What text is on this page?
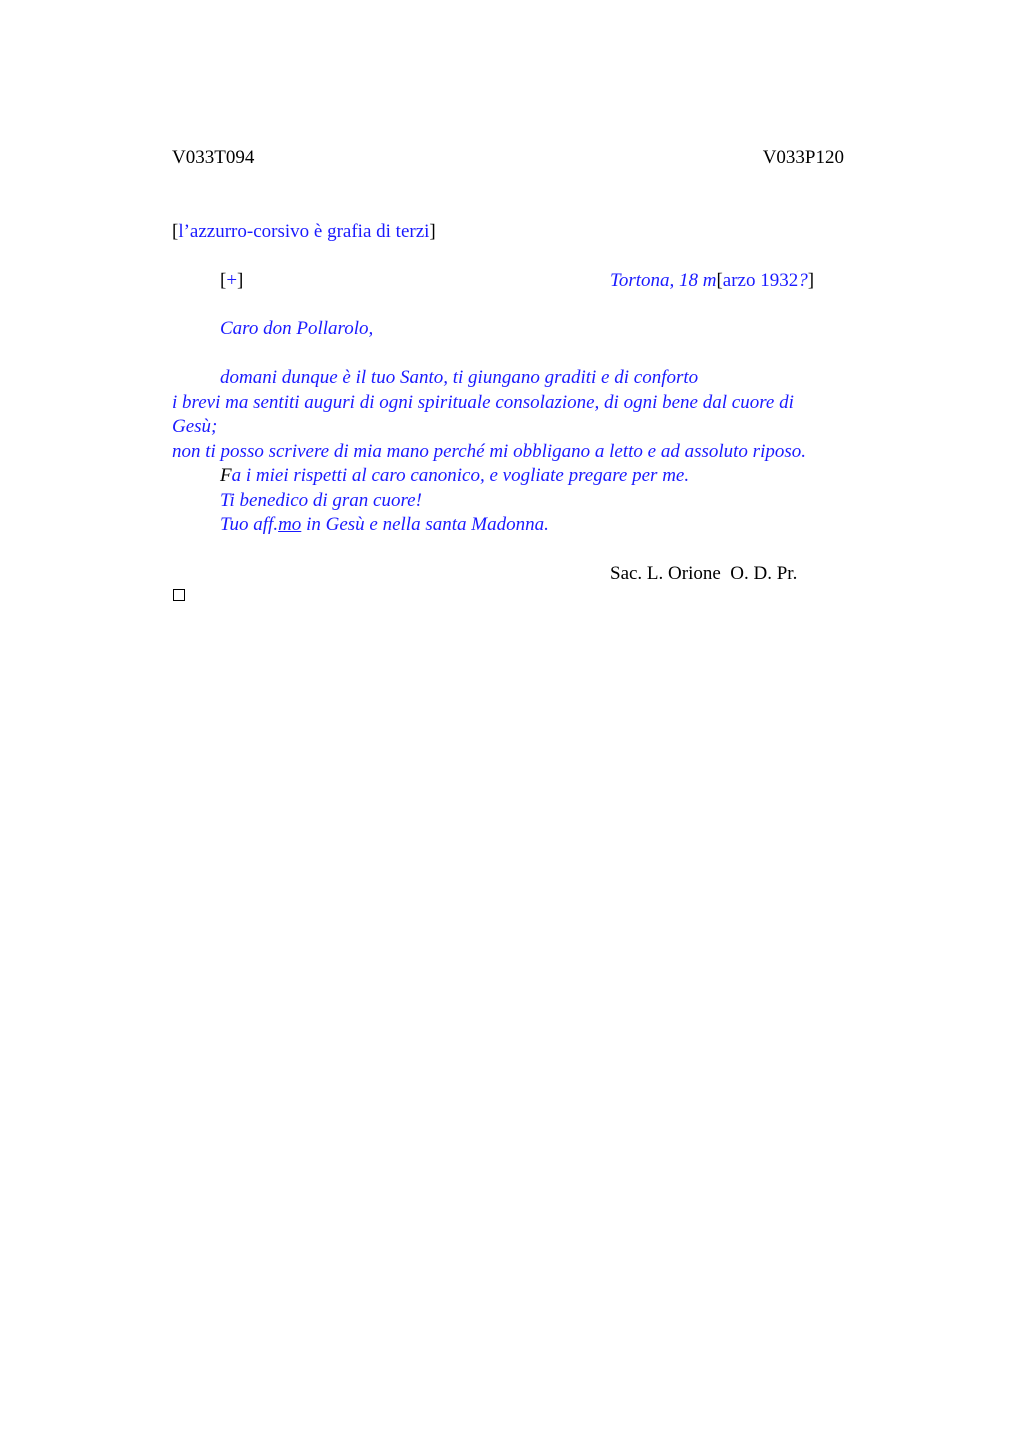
V033T094	V033P120
[l’azzurro-corsivo è grafia di terzi]
[+]	Tortona, 18 m[arzo 1932?]
Caro don Pollarolo,
domani dunque è il tuo Santo, ti giungano graditi e di conforto
i brevi ma sentiti auguri di ogni spirituale consolazione, di ogni bene dal cuore di
Gesù;
non ti posso scrivere di mia mano perché mi obbligano a letto e ad assoluto riposo.
Fa i miei rispetti al caro canonico, e vogliate pregare per me.
Ti benedico di gran cuore!
Tuo aff.mo in Gesù e nella santa Madonna.
Sac. L. Orione  O. D. Pr.
